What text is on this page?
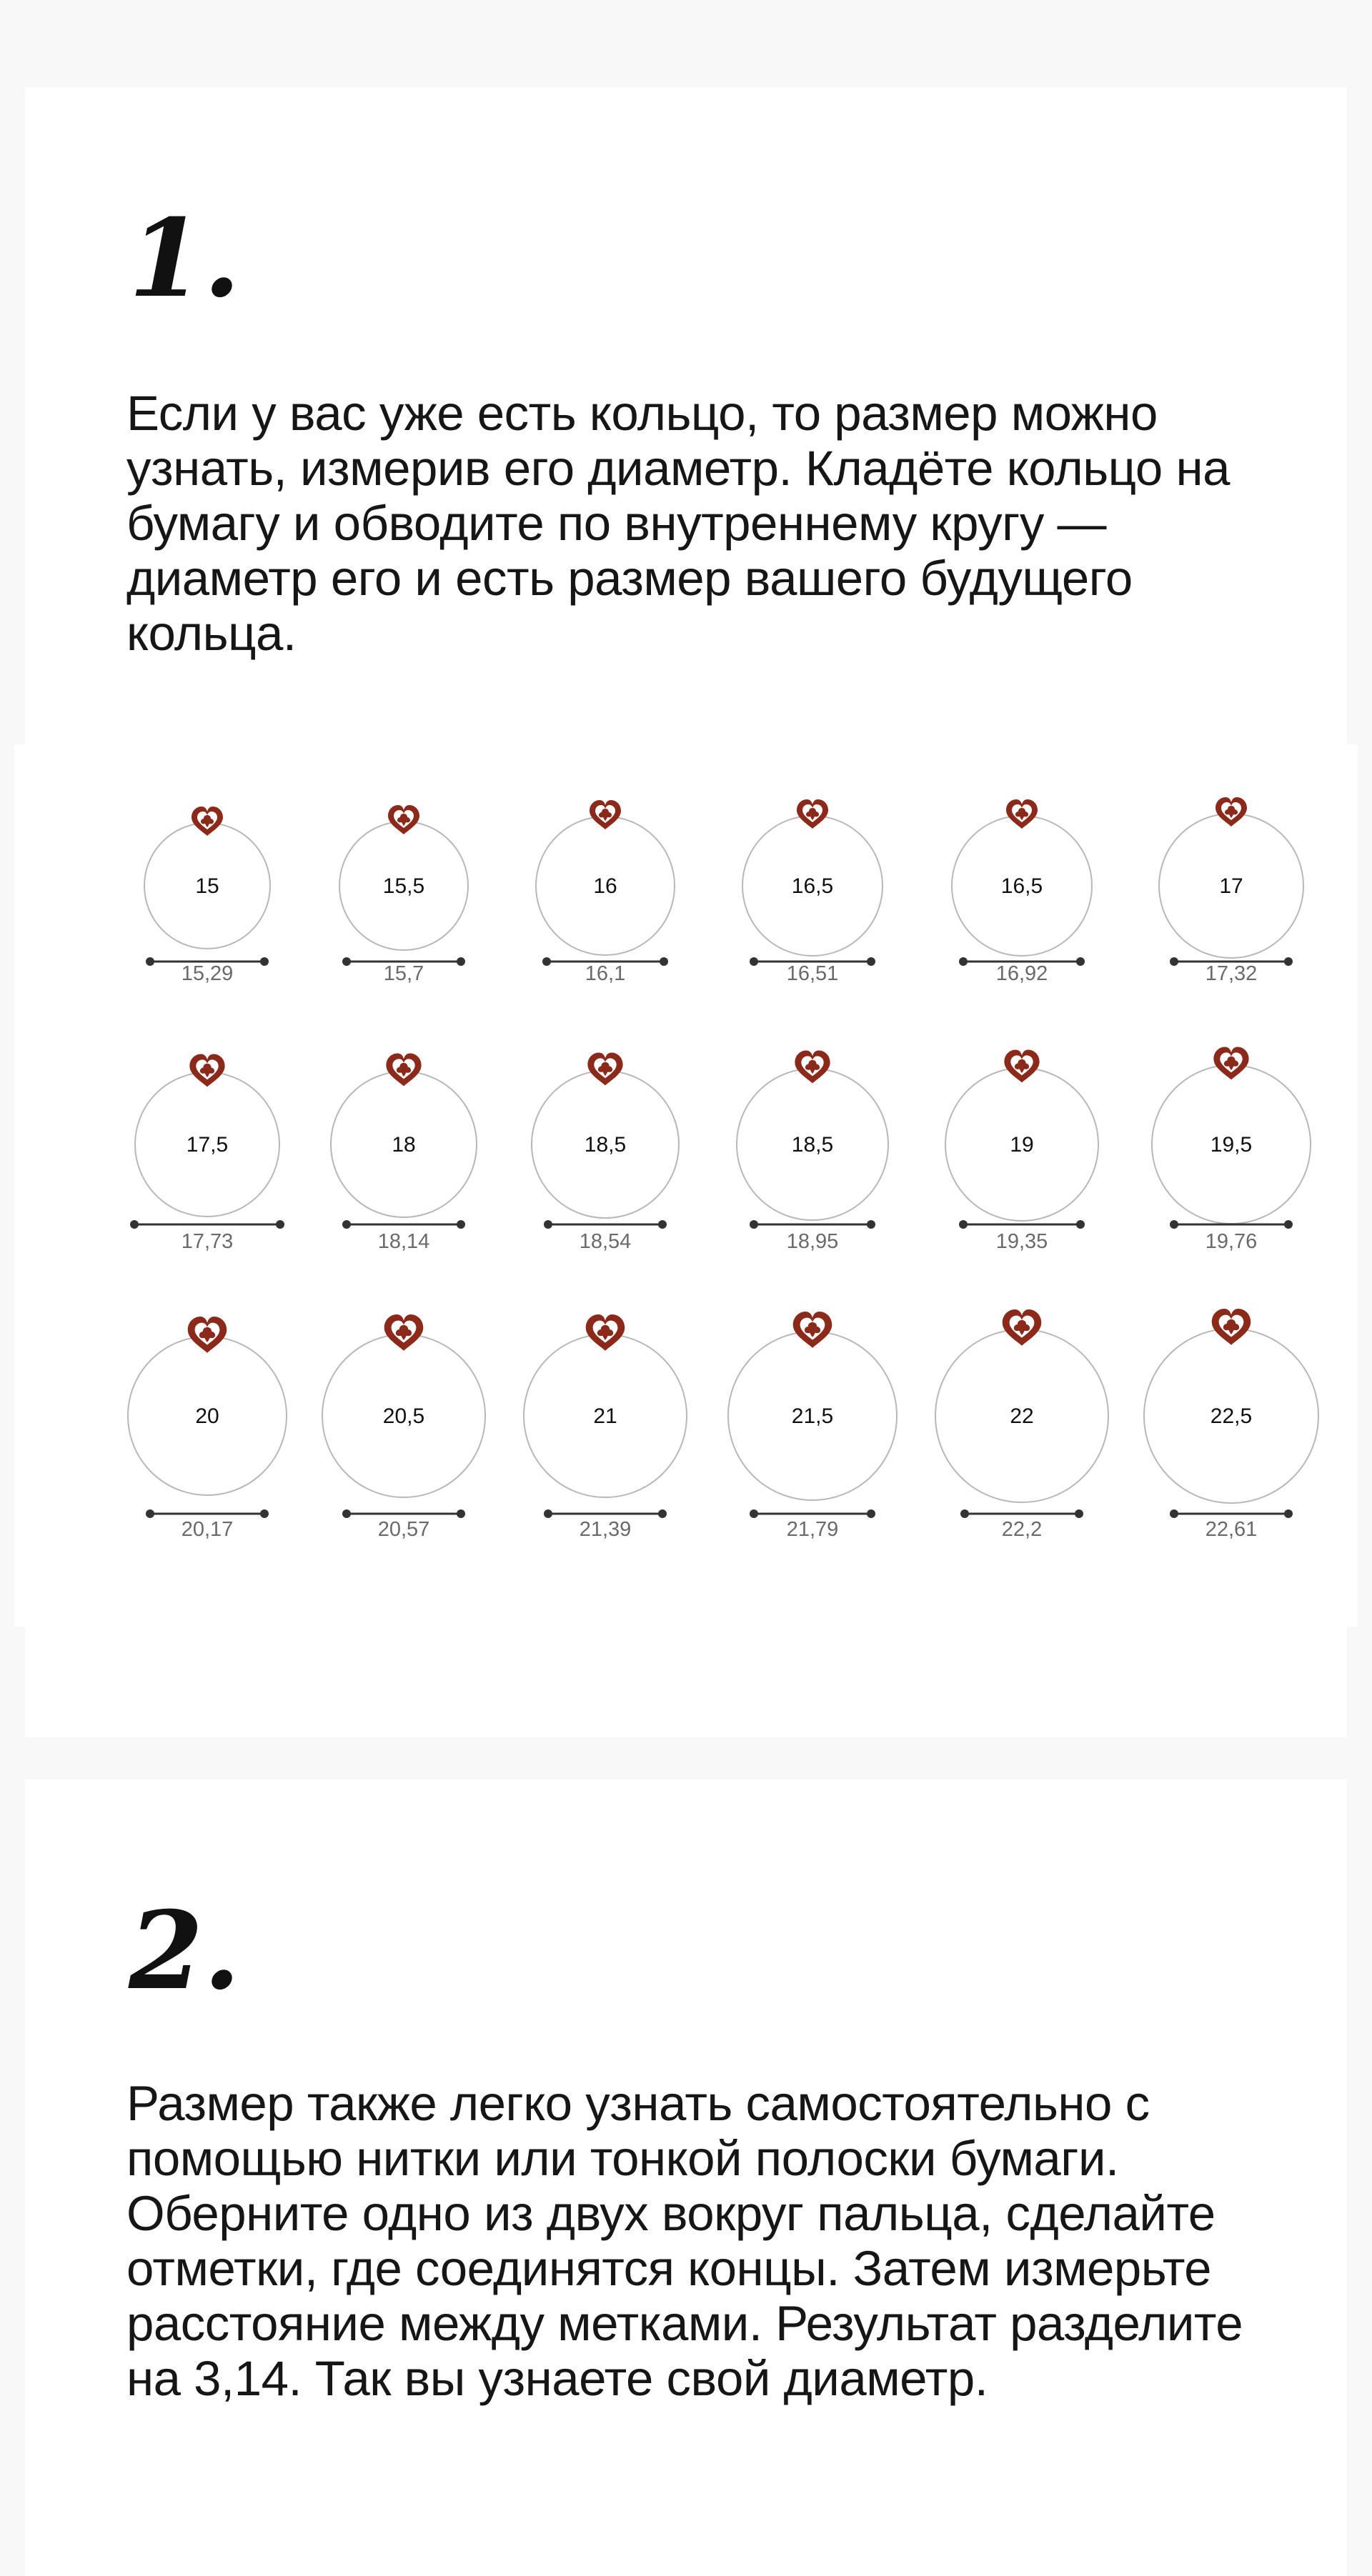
1.

Если у вас уже есть кольцо, то размер можно узнать, измерив его диаметр. Кладёте кольцо на бумагу и обводите по внутреннему кругу — диаметр его и есть размер вашего будущего кольца.

15
15,29
15,5
15,7
16
16,1
16,5
16,51
16,5
16,92
17
17,32
17,5
17,73
18
18,14
18,5
18,54
18,5
18,95
19
19,35
19,5
19,76
20
20,17
20,5
20,57
21
21,39
21,5
21,79
22
22,2
22,5
22,61
2.

Размер также легко узнать самостоятельно с помощью нитки или тонкой полоски бумаги. Оберните одно из двух вокруг пальца, сделайте отметки, где соединятся концы. Затем измерьте расстояние между метками. Результат разделите на 3,14. Так вы узнаете свой диаметр.
